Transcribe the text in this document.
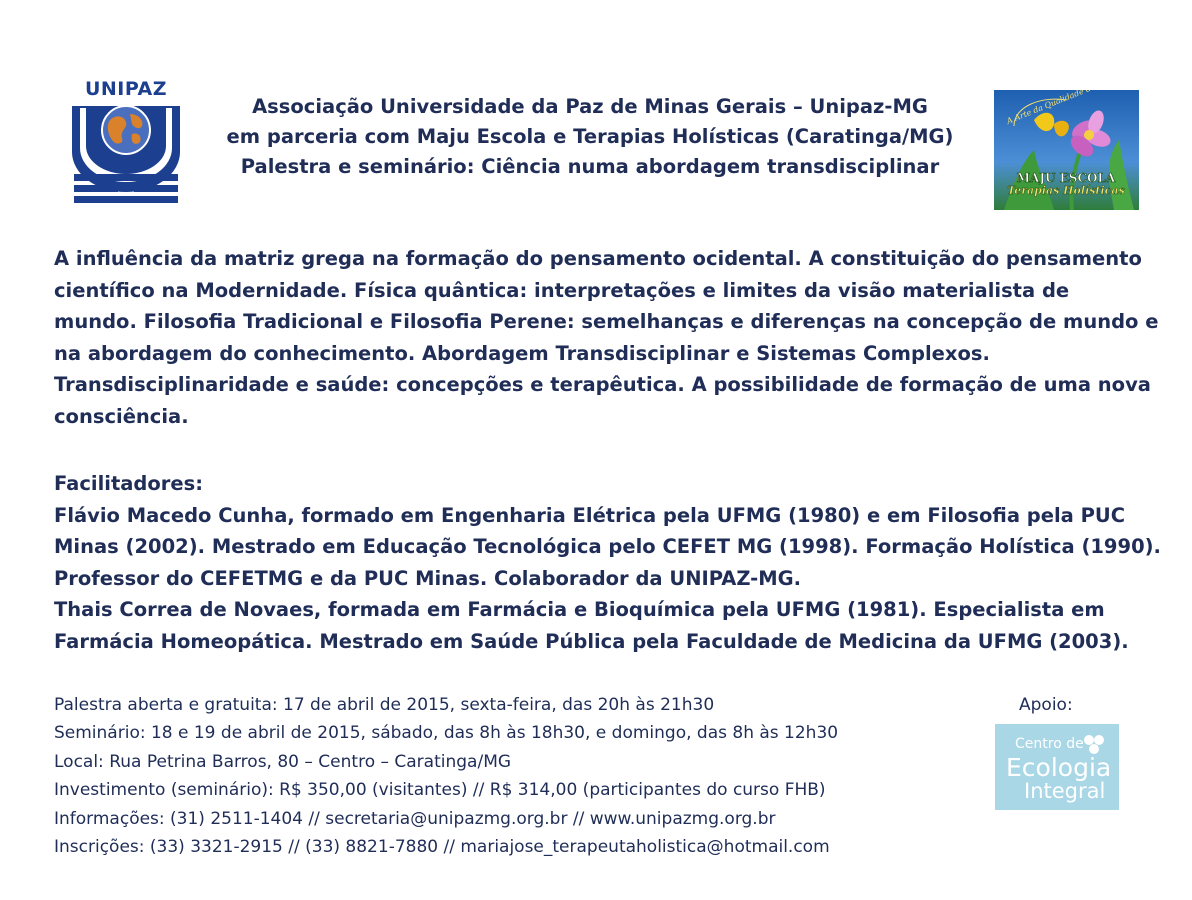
UNIPAZ
Associação Universidade da Paz de Minas Gerais – Unipaz-MG
em parceria com Maju Escola e Terapias Holísticas (Caratinga/MG)
Palestra e seminário: Ciência numa abordagem transdisciplinar	MAJU ESCOLA
Terapias Holísticas
A influência da matriz grega na formação do pensamento ocidental. A constituição do pensamento
científico na Modernidade. Física quântica: interpretações e limites da visão materialista de
mundo. Filosofia Tradicional e Filosofia Perene: semelhanças e diferenças na concepção de mundo e
na abordagem do conhecimento. Abordagem Transdisciplinar e Sistemas Complexos.
Transdisciplinaridade e saúde: concepções e terapêutica. A possibilidade de formação de uma nova
consciência.
Facilitadores:
Flávio Macedo Cunha, formado em Engenharia Elétrica pela UFMG (1980) e em Filosofia pela PUC
Minas (2002). Mestrado em Educação Tecnológica pelo CEFET MG (1998). Formação Holística (1990).
Professor do CEFETMG e da PUC Minas. Colaborador da UNIPAZ-MG.
Thais Correa de Novaes, formada em Farmácia e Bioquímica pela UFMG (1981). Especialista em
Farmácia Homeopática. Mestrado em Saúde Pública pela Faculdade de Medicina da UFMG (2003).
Palestra aberta e gratuita: 17 de abril de 2015, sexta-feira, das 20h às 21h30
Seminário: 18 e 19 de abril de 2015, sábado, das 8h às 18h30, e domingo, das 8h às 12h30
Local: Rua Petrina Barros, 80 – Centro – Caratinga/MG
Investimento (seminário): R$ 350,00 (visitantes) // R$ 314,00 (participantes do curso FHB)
Informações: (31) 2511-1404 // secretaria@unipazmg.org.br // www.unipazmg.org.br
Inscrições: (33) 3321-2915 // (33) 8821-7880 // mariajose_terapeutaholistica@hotmail.com
Apoio:
Centro de
Ecologia
Integral
